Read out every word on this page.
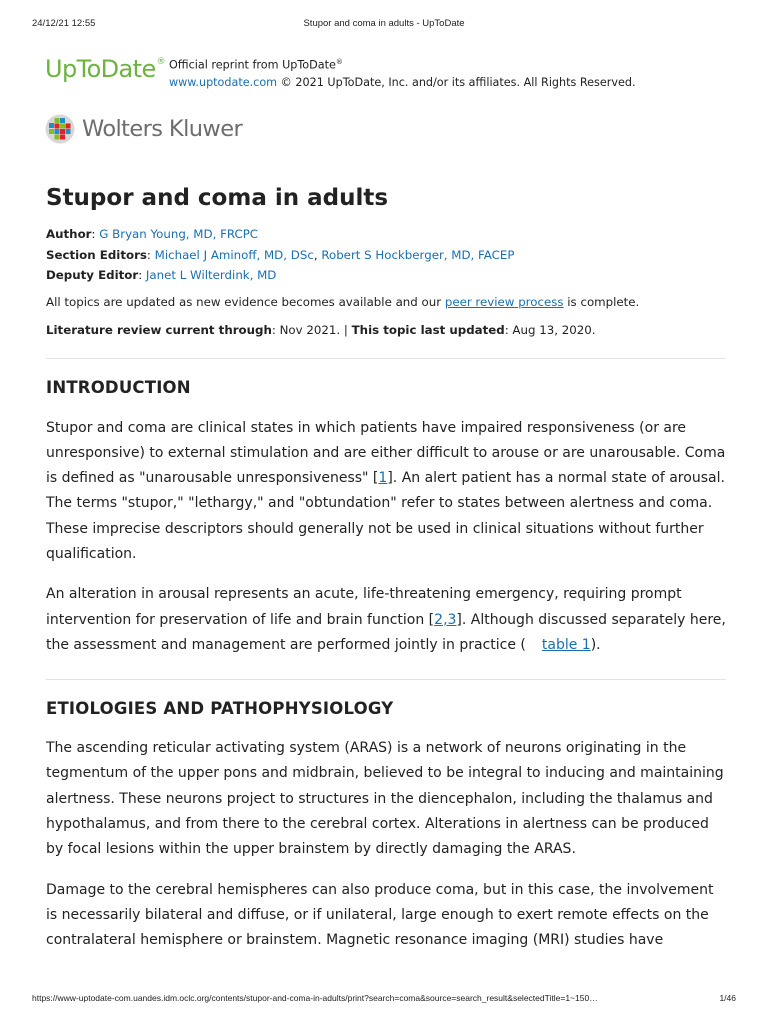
24/12/21 12:55	Stupor and coma in adults - UpToDate
UpToDate® Official reprint from UpToDate®
www.uptodate.com © 2021 UpToDate, Inc. and/or its affiliates. All Rights Reserved.
Wolters Kluwer
Stupor and coma in adults
Author: G Bryan Young, MD, FRCPC
Section Editors: Michael J Aminoff, MD, DSc, Robert S Hockberger, MD, FACEP
Deputy Editor: Janet L Wilterdink, MD
All topics are updated as new evidence becomes available and our peer review process is complete.
Literature review current through: Nov 2021. | This topic last updated: Aug 13, 2020.
INTRODUCTION

Stupor and coma are clinical states in which patients have impaired responsiveness (or are unresponsive) to external stimulation and are either difficult to arouse or are unarousable. Coma is defined as "unarousable unresponsiveness" [1]. An alert patient has a normal state of arousal. The terms "stupor," "lethargy," and "obtundation" refer to states between alertness and coma. These imprecise descriptors should generally not be used in clinical situations without further qualification.

An alteration in arousal represents an acute, life-threatening emergency, requiring prompt intervention for preservation of life and brain function [2,3]. Although discussed separately here, the assessment and management are performed jointly in practice ( table 1).

ETIOLOGIES AND PATHOPHYSIOLOGY

The ascending reticular activating system (ARAS) is a network of neurons originating in the tegmentum of the upper pons and midbrain, believed to be integral to inducing and maintaining alertness. These neurons project to structures in the diencephalon, including the thalamus and hypothalamus, and from there to the cerebral cortex. Alterations in alertness can be produced by focal lesions within the upper brainstem by directly damaging the ARAS.

Damage to the cerebral hemispheres can also produce coma, but in this case, the involvement is necessarily bilateral and diffuse, or if unilateral, large enough to exert remote effects on the contralateral hemisphere or brainstem. Magnetic resonance imaging (MRI) studies have

https://www-uptodate-com.uandes.idm.oclc.org/contents/stupor-and-coma-in-adults/print?search=coma&source=search_result&selectedTitle=1~150…	1/46
